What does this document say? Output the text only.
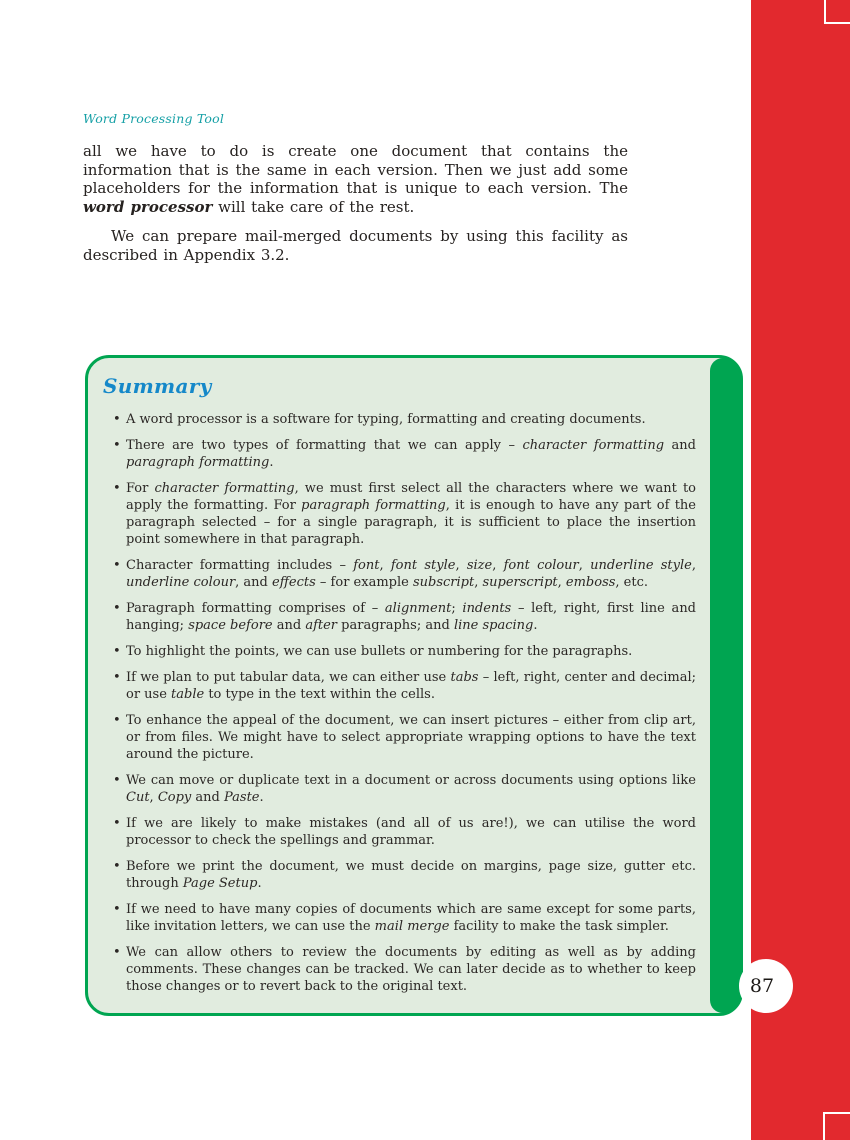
Word Processing Tool

all we have to do is create one document that contains the information that is the same in each version. Then we just add some placeholders for the information that is unique to each version. The word processor will take care of the rest.

We can prepare mail-merged documents by using this facility as described in Appendix 3.2.

Summary
• A word processor is a software for typing, formatting and creating documents.
• There are two types of formatting that we can apply – character formatting and paragraph formatting.
• For character formatting, we must first select all the characters where we want to apply the formatting. For paragraph formatting, it is enough to have any part of the paragraph selected – for a single paragraph, it is sufficient to place the insertion point somewhere in that paragraph.
• Character formatting includes – font, font style, size, font colour, underline style, underline colour, and effects – for example subscript, superscript, emboss, etc.
• Paragraph formatting comprises of – alignment; indents – left, right, first line and hanging; space before and after paragraphs; and line spacing.
• To highlight the points, we can use bullets or numbering for the paragraphs.
• If we plan to put tabular data, we can either use tabs – left, right, center and decimal; or use table to type in the text within the cells.
• To enhance the appeal of the document, we can insert pictures – either from clip art, or from files. We might have to select appropriate wrapping options to have the text around the picture.
• We can move or duplicate text in a document or across documents using options like Cut, Copy and Paste.
• If we are likely to make mistakes (and all of us are!), we can utilise the word processor to check the spellings and grammar.
• Before we print the document, we must decide on margins, page size, gutter etc. through Page Setup.
• If we need to have many copies of documents which are same except for some parts, like invitation letters, we can use the mail merge facility to make the task simpler.
• We can allow others to review the documents by editing as well as by adding comments. These changes can be tracked. We can later decide as to whether to keep those changes or to revert back to the original text.	87
